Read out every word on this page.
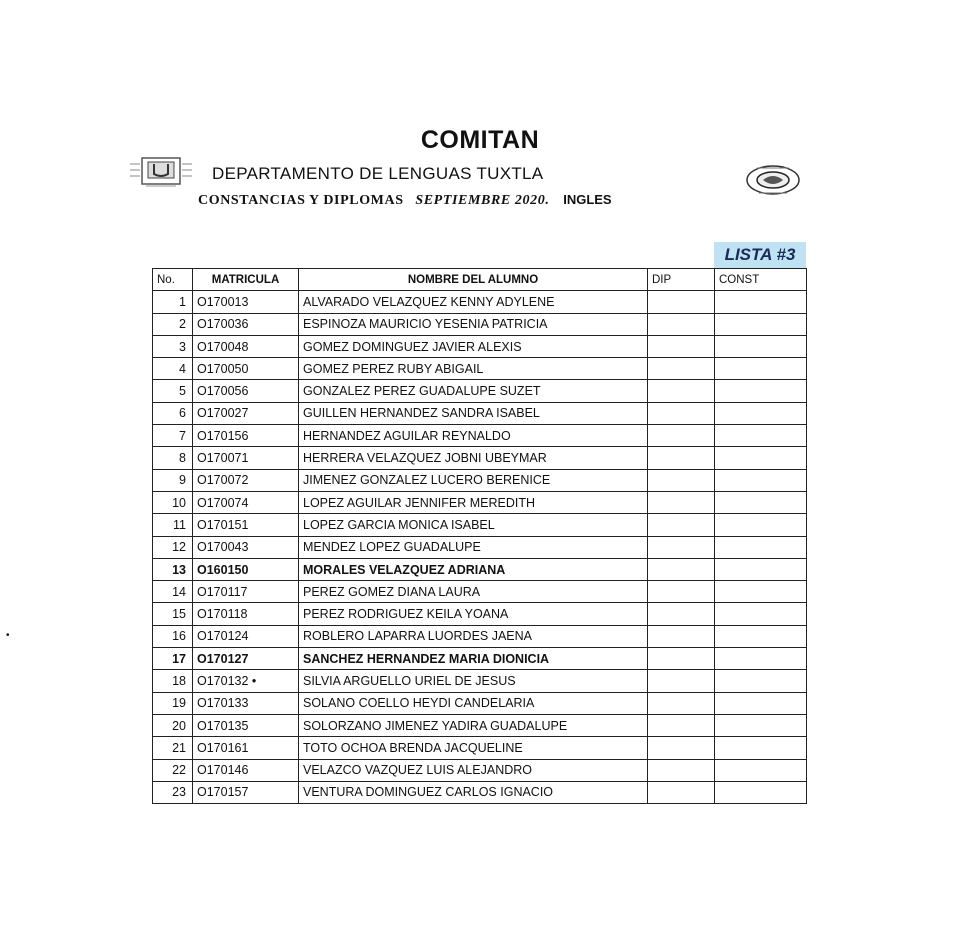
COMITAN
DEPARTAMENTO DE LENGUAS TUXTLA
CONSTANCIAS Y DIPLOMAS SEPTIEMBRE 2020. INGLES
LISTA #3
No.	MATRICULA	NOMBRE DEL ALUMNO	DIP	CONST
1	O170013	ALVARADO VELAZQUEZ KENNY ADYLENE		
2	O170036	ESPINOZA MAURICIO YESENIA PATRICIA		
3	O170048	GOMEZ DOMINGUEZ JAVIER ALEXIS		
4	O170050	GOMEZ PEREZ RUBY ABIGAIL		
5	O170056	GONZALEZ PEREZ GUADALUPE SUZET		
6	O170027	GUILLEN HERNANDEZ SANDRA ISABEL		
7	O170156	HERNANDEZ AGUILAR REYNALDO		
8	O170071	HERRERA VELAZQUEZ JOBNI UBEYMAR		
9	O170072	JIMENEZ GONZALEZ LUCERO BERENICE		
10	O170074	LOPEZ AGUILAR JENNIFER MEREDITH		
11	O170151	LOPEZ GARCIA MONICA ISABEL		
12	O170043	MENDEZ LOPEZ GUADALUPE		
13	O160150	MORALES VELAZQUEZ ADRIANA		
14	O170117	PEREZ GOMEZ DIANA LAURA		
15	O170118	PEREZ RODRIGUEZ KEILA YOANA		
16	O170124	ROBLERO LAPARRA LUORDES JAENA		
17	O170127	SANCHEZ HERNANDEZ MARIA DIONICIA		
18	O170132 •	SILVIA ARGUELLO URIEL DE JESUS		
19	O170133	SOLANO COELLO HEYDI CANDELARIA		
20	O170135	SOLORZANO JIMENEZ YADIRA GUADALUPE		
21	O170161	TOTO OCHOA BRENDA JACQUELINE		
22	O170146	VELAZCO VAZQUEZ LUIS ALEJANDRO		
23	O170157	VENTURA DOMINGUEZ CARLOS IGNACIO		
•
